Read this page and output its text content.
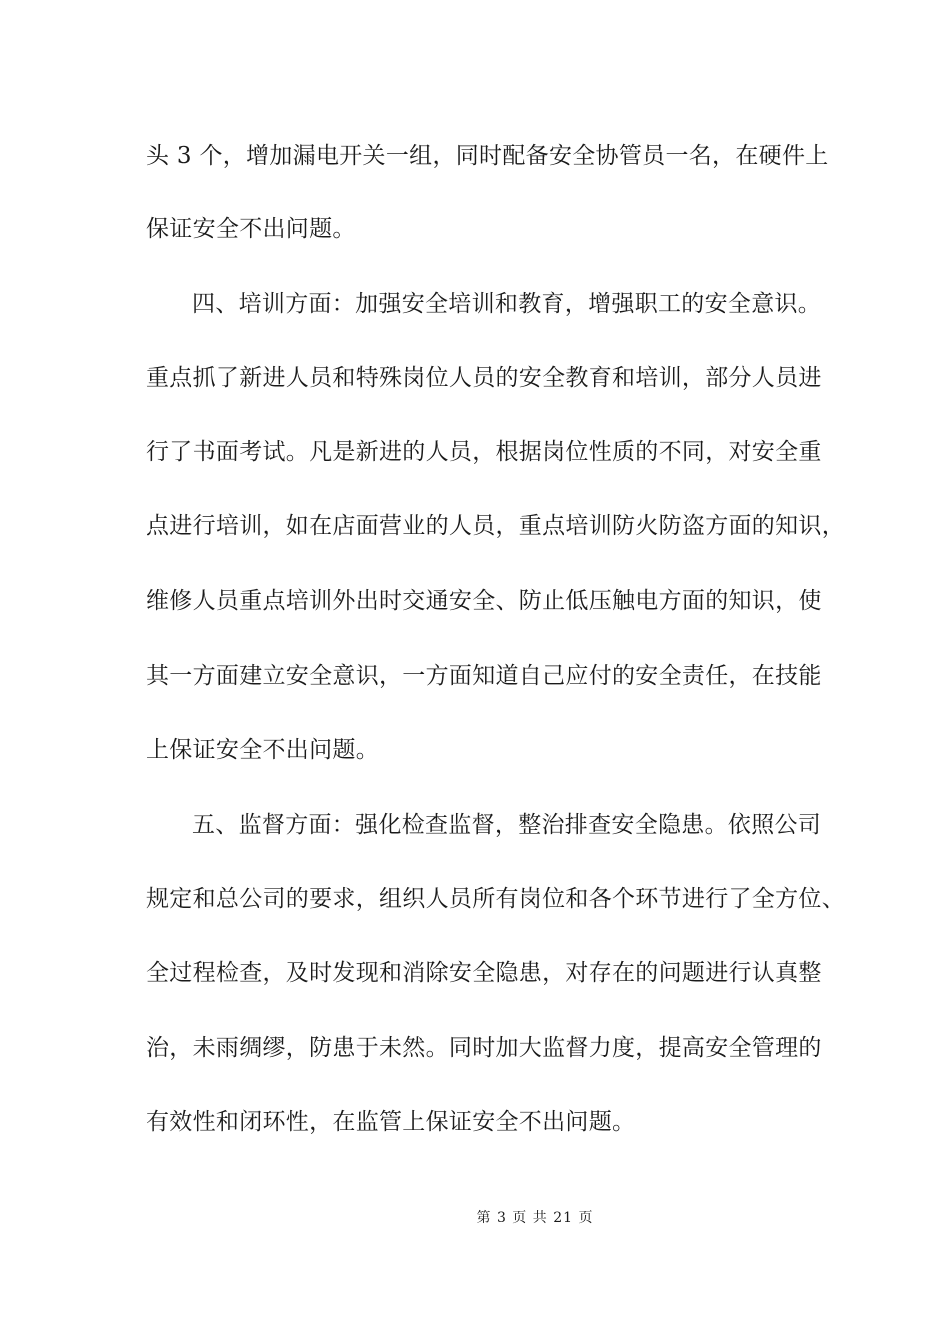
头 3 个，增加漏电开关一组，同时配备安全协管员一名，在硬件上
保证安全不出问题。
四、培训方面：加强安全培训和教育，增强职工的安全意识。
重点抓了新进人员和特殊岗位人员的安全教育和培训，部分人员进
行了书面考试。凡是新进的人员，根据岗位性质的不同，对安全重
点进行培训，如在店面营业的人员，重点培训防火防盗方面的知识，
维修人员重点培训外出时交通安全、防止低压触电方面的知识，使
其一方面建立安全意识，一方面知道自己应付的安全责任，在技能
上保证安全不出问题。
五、监督方面：强化检查监督，整治排查安全隐患。依照公司
规定和总公司的要求，组织人员所有岗位和各个环节进行了全方位、
全过程检查，及时发现和消除安全隐患，对存在的问题进行认真整
治，未雨绸缪，防患于未然。同时加大监督力度，提高安全管理的
有效性和闭环性，在监管上保证安全不出问题。
第 3 页 共 21 页
